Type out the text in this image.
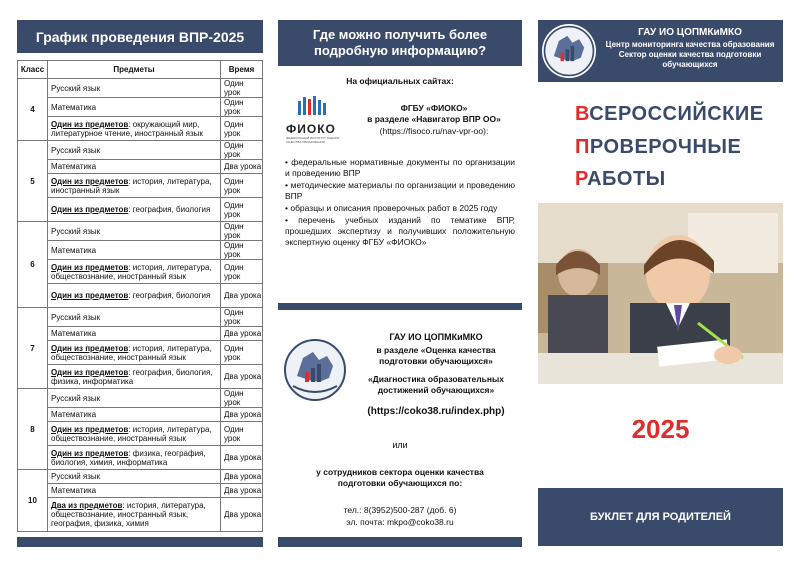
График проведения ВПР-2025
Класс	Предметы	Время
4	Русский язык	Один урок
	Математика	Один урок
	Один из предметов: окружающий мир, литературное чтение, иностранный язык	Один урок
5	Русский язык	Один урок
	Математика	Два урока
	Один из предметов: история, литература, иностранный язык	Один урок
	Один из предметов: география, биология	Один урок
6	Русский язык	Один урок
	Математика	Один урок
	Один из предметов: история, литература, обществознание, иностранный язык	Один урок
	Один из предметов: география, биология	Два урока
7	Русский язык	Один урок
	Математика	Два урока
	Один из предметов: история, литература, обществознание, иностранный язык	Один урок
	Один из предметов: география, биология, физика, информатика	Два урока
8	Русский язык	Один урок
	Математика	Два урока
	Один из предметов: история, литература, обществознание, иностранный язык	Один урок
	Один из предметов: физика, география, биология, химия, информатика	Два урока
10	Русский язык	Два урока
	Математика	Два урока
	Два из предметов: история, литература, обществознание, иностранный язык, география, физика, химия	Два урока
Где можно получить более подробную информацию?
На официальных сайтах:
ФИОКО
ФЕДЕРАЛЬНЫЙ ИНСТИТУТ ОЦЕНКИ КАЧЕСТВА ОБРАЗОВАНИЯ
ФГБУ «ФИОКО»
в разделе «Навигатор ВПР ОО»
(https://fisoco.ru/nav-vpr-oo):
• федеральные нормативные документы по организации и проведению ВПР
• методические материалы по организации и проведению ВПР
• образцы и описания проверочных работ в 2025 году
• перечень учебных изданий по тематике ВПР, прошедших экспертизу и получивших положительную экспертную оценку ФГБУ «ФИОКО»
ГАУ ИО ЦОПМКиМКО
в разделе «Оценка качества подготовки обучающихся»
«Диагностика образовательных достижений обучающихся»
(https://coko38.ru/index.php)
или
у сотрудников сектора оценки качества подготовки обучающихся по:
тел.: 8(3952)500-287 (доб. 6)
эл. почта: mkpo@coko38.ru
ГАУ ИО ЦОПМКиМКО
Центр мониторинга качества образования
Сектор оценки качества подготовки обучающихся
ВСЕРОССИЙСКИЕ
ПРОВЕРОЧНЫЕ
РАБОТЫ
2025
БУКЛЕТ ДЛЯ РОДИТЕЛЕЙ
